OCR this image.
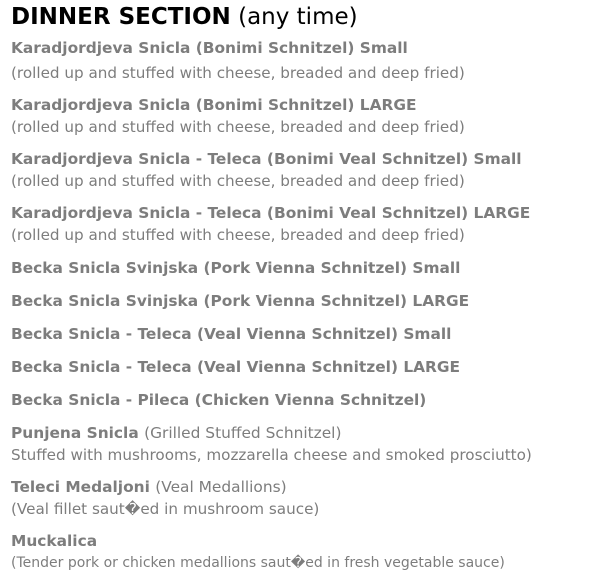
DINNER SECTION (any time)
Karadjordjeva Snicla (Bonimi Schnitzel) Small
(rolled up and stuffed with cheese, breaded and deep fried)
Karadjordjeva Snicla (Bonimi Schnitzel) LARGE
(rolled up and stuffed with cheese, breaded and deep fried)
Karadjordjeva Snicla - Teleca (Bonimi Veal Schnitzel) Small
(rolled up and stuffed with cheese, breaded and deep fried)
Karadjordjeva Snicla - Teleca (Bonimi Veal Schnitzel) LARGE
(rolled up and stuffed with cheese, breaded and deep fried)
Becka Snicla Svinjska (Pork Vienna Schnitzel) Small
Becka Snicla Svinjska (Pork Vienna Schnitzel) LARGE
Becka Snicla - Teleca (Veal Vienna Schnitzel) Small
Becka Snicla - Teleca (Veal Vienna Schnitzel) LARGE
Becka Snicla - Pileca (Chicken Vienna Schnitzel)
Punjena Snicla (Grilled Stuffed Schnitzel)
Stuffed with mushrooms, mozzarella cheese and smoked prosciutto)
Teleci Medaljoni (Veal Medallions)
(Veal fillet saut�ed in mushroom sauce)
Muckalica
(Tender pork or chicken medallions saut�ed in fresh vegetable sauce)
